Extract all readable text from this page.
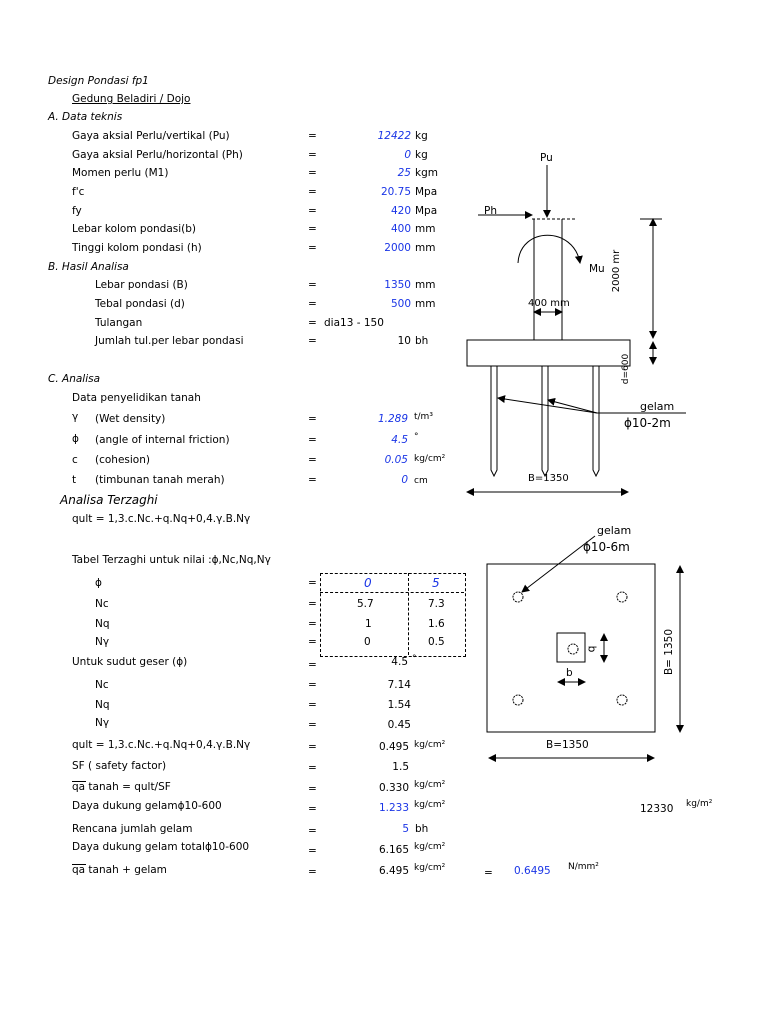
Design Pondasi fp1
Gedung Beladiri / Dojo
A. Data teknis
Gaya aksial Perlu/vertikal (Pu)	=	12422 kg
Gaya aksial Perlu/horizontal (Ph)	=	0 kg
Momen perlu (M1)	=	25 kgm
f'c	=	20.75 Mpa
fy	=	420 Mpa
Lebar kolom pondasi(b)	=	400 mm
Tinggi kolom pondasi (h)	=	2000 mm
B. Hasil Analisa
Lebar pondasi (B)	=	1350 mm
Tebal pondasi (d)	=	500 mm
Tulangan	= dia13 - 150
Jumlah tul.per lebar pondasi	=	10 bh
C. Analisa
Data penyelidikan tanah
γ (Wet density)	=	1.289 t/m³
ϕ (angle of internal friction)	=	4.5 °
c (cohesion)	=	0.05 kg/cm²
t (timbunan tanah merah)	=	0 cm
Analisa Terzaghi
qult = 1,3.c.Nc.+q.Nq+0,4.γ.B.Nγ
Tabel Terzaghi untuk nilai :ϕ,Nc,Nq,Nγ
ϕ	=	0	5
Nc	=	5.7	7.3
Nq	=	1	1.6
Nγ	=	0	0.5
Untuk sudut geser (ϕ)	=	4.5 °
Nc	=	7.14
Nq	=	1.54
Nγ	=	0.45
qult = 1,3.c.Nc.+q.Nq+0,4.γ.B.Nγ	=	0.495 kg/cm²
SF ( safety factor)	=	1.5
qa tanah = qult/SF	=	0.330 kg/cm²
Daya dukung gelamϕ10-600	=	1.233 kg/cm²
Rencana jumlah gelam	=	5 bh
Daya dukung gelam totalϕ10-600	=	6.165 kg/cm²
qa tanah + gelam	=	6.495 kg/cm²	= 0.6495 N/mm²
12330 kg/m²
Pu
Ph
Mu
400 mm
2000 mr
d=600
gelam
ϕ10-2m
B=1350
gelam
ϕ10-6m
b
b	B= 1350
B=1350
